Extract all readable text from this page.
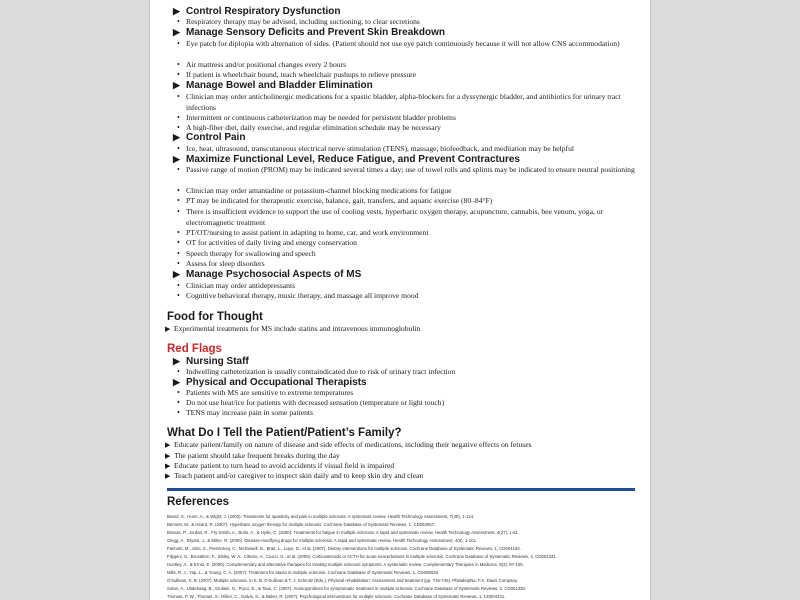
▶ Control Respiratory Dysfunction

• Respiratory therapy may be advised, including suctioning, to clear secretions

▶ Manage Sensory Deficits and Prevent Skin Breakdown

• Eye patch for diplopia with alternation of sides. (Patient should not use eye patch continuously because it will not allow CNS accommodation)

• Air mattress and/or positional changes every 2 hours

• If patient is wheelchair bound, teach wheelchair pushups to relieve pressure

▶ Manage Bowel and Bladder Elimination

• Clinician may order anticholinergic medications for a spastic bladder, alpha-blockers for a dyssynergic bladder, and antibiotics for urinary tract infections

• Intermittent or continuous catheterization may be needed for persistent bladder problems

• A high-fiber diet, daily exercise, and regular elimination schedule may be necessary

▶ Control Pain

• Ice, heat, ultrasound, transcutaneous electrical nerve stimulation (TENS), massage, biofeedback, and meditation may be helpful

▶ Maximize Functional Level, Reduce Fatigue, and Prevent Contractures

• Passive range of motion (PROM) may be indicated several times a day; use of towel rolls and splints may be indicated to ensure neutral positioning

• Clinician may order amantadine or potassium-channel blocking medications for fatigue

• PT may be indicated for therapeutic exercise, balance, gait, transfers, and aquatic exercise (80–84°F)

• There is insufficient evidence to support the use of cooling vests, hyperbaric oxygen therapy, acupuncture, cannabis, bee venom, yoga, or electromagnetic treatment

• PT/OT/nursing to assist patient in adapting to home, car, and work environment

• OT for activities of daily living and energy conservation

• Speech therapy for swallowing and speech

• Assess for sleep disorders

▶ Manage Psychosocial Aspects of MS

• Clinician may order antidepressants

• Cognitive behavioral therapy, music therapy, and massage all improve mood

Food for Thought

▶ Experimental treatments for MS include statins and intravenous immunoglobulin

Red Flags

▶ Nursing Staff

• Indwelling catheterization is usually contraindicated due to risk of urinary tract infection

▶ Physical and Occupational Therapists

• Patients with MS are sensitive to extreme temperatures

• Do not use heat/ice for patients with decreased sensation (temperature or light touch)

• TENS may increase pain in some patients

What Do I Tell the Patient/Patient’s Family?

▶ Educate patient/family on nature of disease and side effects of medications, including their negative effects on fetuses

▶ The patient should take frequent breaks during the day

▶ Educate patient to turn head to avoid accidents if visual field is impaired

▶ Teach patient and/or caregiver to inspect skin daily and to keep skin dry and clean

References

Beard, S., Hunn, A., & Wight, J. (2003). Treatments for spasticity and pain in multiple sclerosis: A systematic review. Health Technology Assessment, 7(40), 1-124.

Bennett, M., & Heard, R. (2007). Hyperbaric oxygen therapy for multiple sclerosis. Cochrane Database of Systematic Reviews, 1, CD003057.

Branas, P., Jordan, R., Fry-Smith, A., Burls, A., & Hyde, C. (2000). Treatments for fatigue in multiple sclerosis: A rapid and systematic review. Health Technology Assessment, 4(27), 1-61.

Clegg, A., Bryant, J., & Milne, R. (2000). Disease-modifying drugs for multiple sclerosis: A rapid and systematic review. Health Technology Assessment, 4(9), 1-101.

Farinotti, M., Simi, S., Pietrantonj, C., McDowell, N., Brait, L., Lupo, D., et al. (2007). Dietary interventions for multiple sclerosis. Cochrane Database of Systematic Reviews, 1, CD004192.

Filippini, G., Brusaferri, F., Sibley, W. A., Citterio, A., Ciucci, G., et al. (2000). Corticosteroids or ACTH for acute exacerbations in multiple sclerosis. Cochrane Database of Systematic Reviews, 4, CD001331.

Huntley, A., & Ernst, E. (2000). Complementary and alternative therapies for treating multiple sclerosis symptoms: A systematic review. Complementary Therapies in Medicine, 8(2), 97-105.

Mills, R. J., Yap, L., & Young, C. A. (2007). Treatment for ataxia in multiple sclerosis. Cochrane Database of Systematic Reviews, 1, CD005029.

O'Sullivan, S. B. (2007). Multiple sclerosis. In S. B. O'Sullivan & T. J. Schmitz (Eds.), Physical rehabilitation: Assessment and treatment (pp. 715-745). Philadelphia: F.A. Davis Company.

Solari, A., Uitdehaag, B., Giuliani, G., Pucci, E., & Taus, C. (2007). Aminopyridines for symptomatic treatment in multiple sclerosis. Cochrane Database of Systematic Reviews, 2, CD001330.

Thomas, P. W., Thomas, S., Hillier, C., Galvin, K., & Baker, R. (2007). Psychological interventions for multiple sclerosis. Cochrane Database of Systematic Reviews, 1, CD004431.
